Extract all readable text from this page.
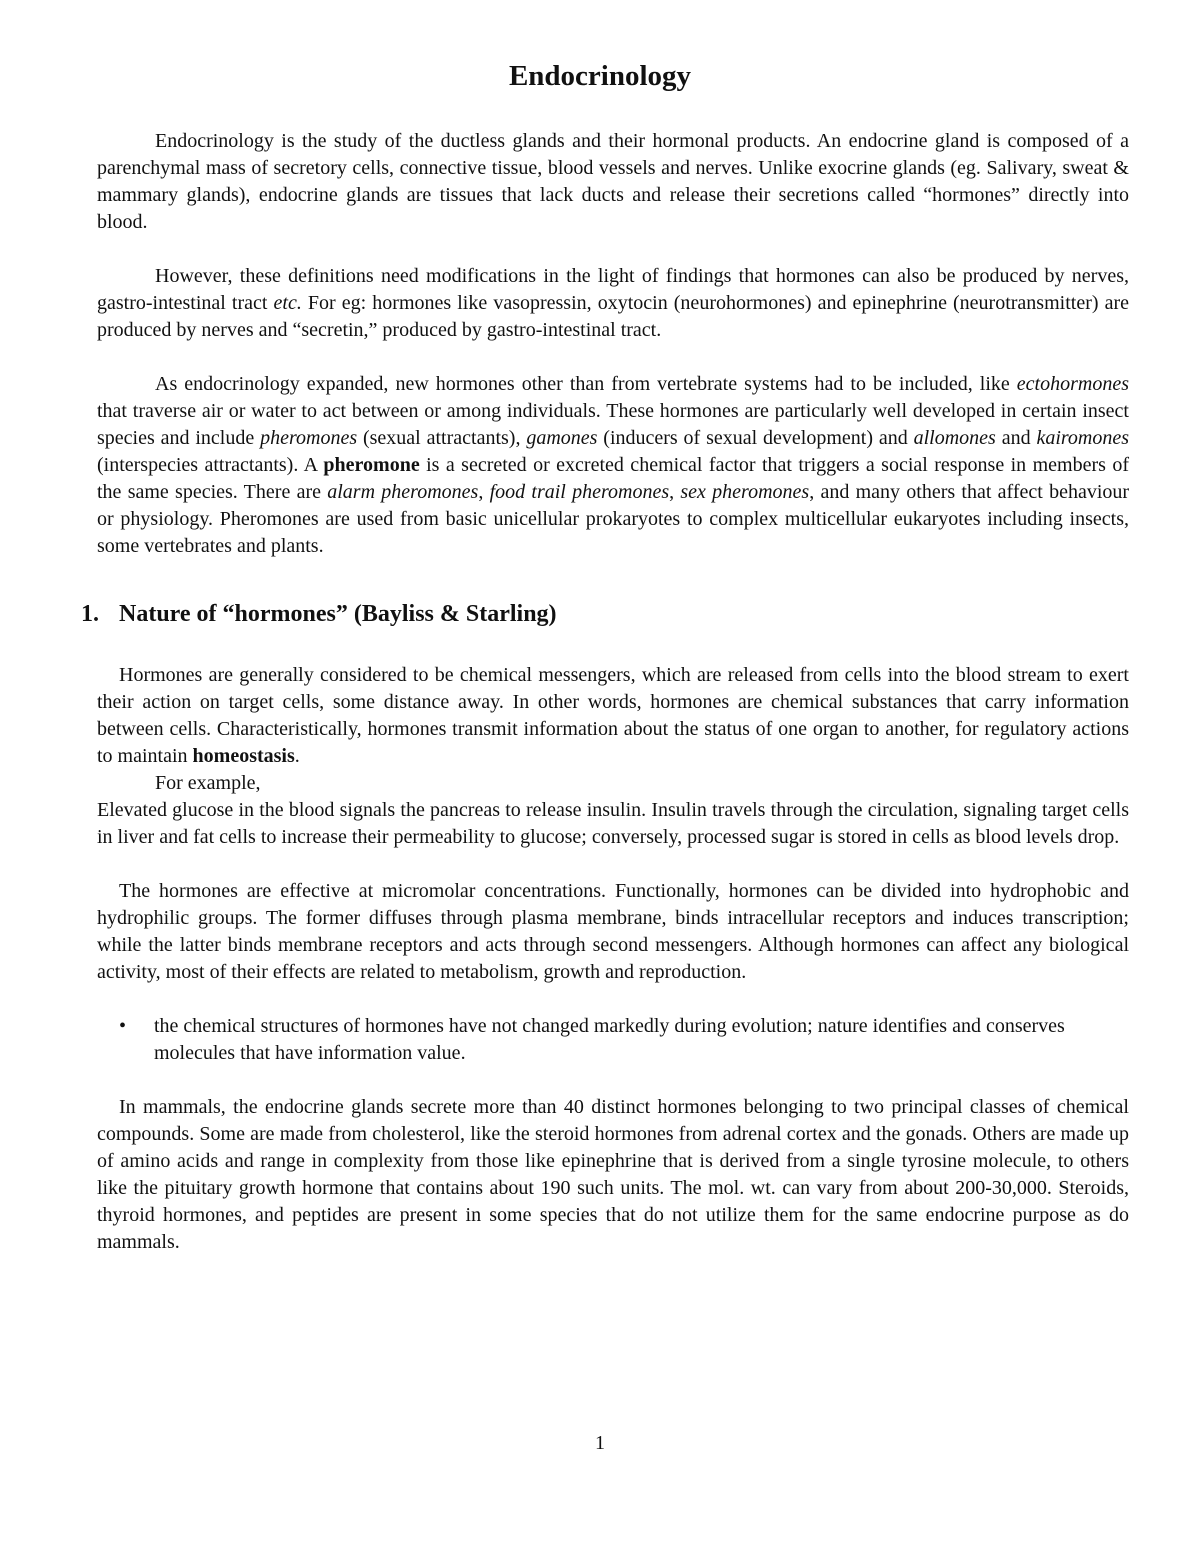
Endocrinology

Endocrinology is the study of the ductless glands and their hormonal products. An endocrine gland is composed of a parenchymal mass of secretory cells, connective tissue, blood vessels and nerves. Unlike exocrine glands (eg. Salivary, sweat & mammary glands), endocrine glands are tissues that lack ducts and release their secretions called “hormones” directly into blood.

However, these definitions need modifications in the light of findings that hormones can also be produced by nerves, gastro-intestinal tract etc. For eg: hormones like vasopressin, oxytocin (neurohormones) and epinephrine (neurotransmitter) are produced by nerves and “secretin,” produced by gastro-intestinal tract.

As endocrinology expanded, new hormones other than from vertebrate systems had to be included, like ectohormones that traverse air or water to act between or among individuals. These hormones are particularly well developed in certain insect species and include pheromones (sexual attractants), gamones (inducers of sexual development) and allomones and kairomones (interspecies attractants). A pheromone is a secreted or excreted chemical factor that triggers a social response in members of the same species. There are alarm pheromones, food trail pheromones, sex pheromones, and many others that affect behaviour or physiology. Pheromones are used from basic unicellular prokaryotes to complex multicellular eukaryotes including insects, some vertebrates and plants.

1. Nature of “hormones” (Bayliss & Starling)

Hormones are generally considered to be chemical messengers, which are released from cells into the blood stream to exert their action on target cells, some distance away. In other words, hormones are chemical substances that carry information between cells. Characteristically, hormones transmit information about the status of one organ to another, for regulatory actions to maintain homeostasis.

For example,

Elevated glucose in the blood signals the pancreas to release insulin. Insulin travels through the circulation, signaling target cells in liver and fat cells to increase their permeability to glucose; conversely, processed sugar is stored in cells as blood levels drop.

The hormones are effective at micromolar concentrations. Functionally, hormones can be divided into hydrophobic and hydrophilic groups. The former diffuses through plasma membrane, binds intracellular receptors and induces transcription; while the latter binds membrane receptors and acts through second messengers. Although hormones can affect any biological activity, most of their effects are related to metabolism, growth and reproduction.

• the chemical structures of hormones have not changed markedly during evolution; nature identifies and conserves molecules that have information value.

In mammals, the endocrine glands secrete more than 40 distinct hormones belonging to two principal classes of chemical compounds. Some are made from cholesterol, like the steroid hormones from adrenal cortex and the gonads. Others are made up of amino acids and range in complexity from those like epinephrine that is derived from a single tyrosine molecule, to others like the pituitary growth hormone that contains about 190 such units. The mol. wt. can vary from about 200-30,000. Steroids, thyroid hormones, and peptides are present in some species that do not utilize them for the same endocrine purpose as do mammals.

1
